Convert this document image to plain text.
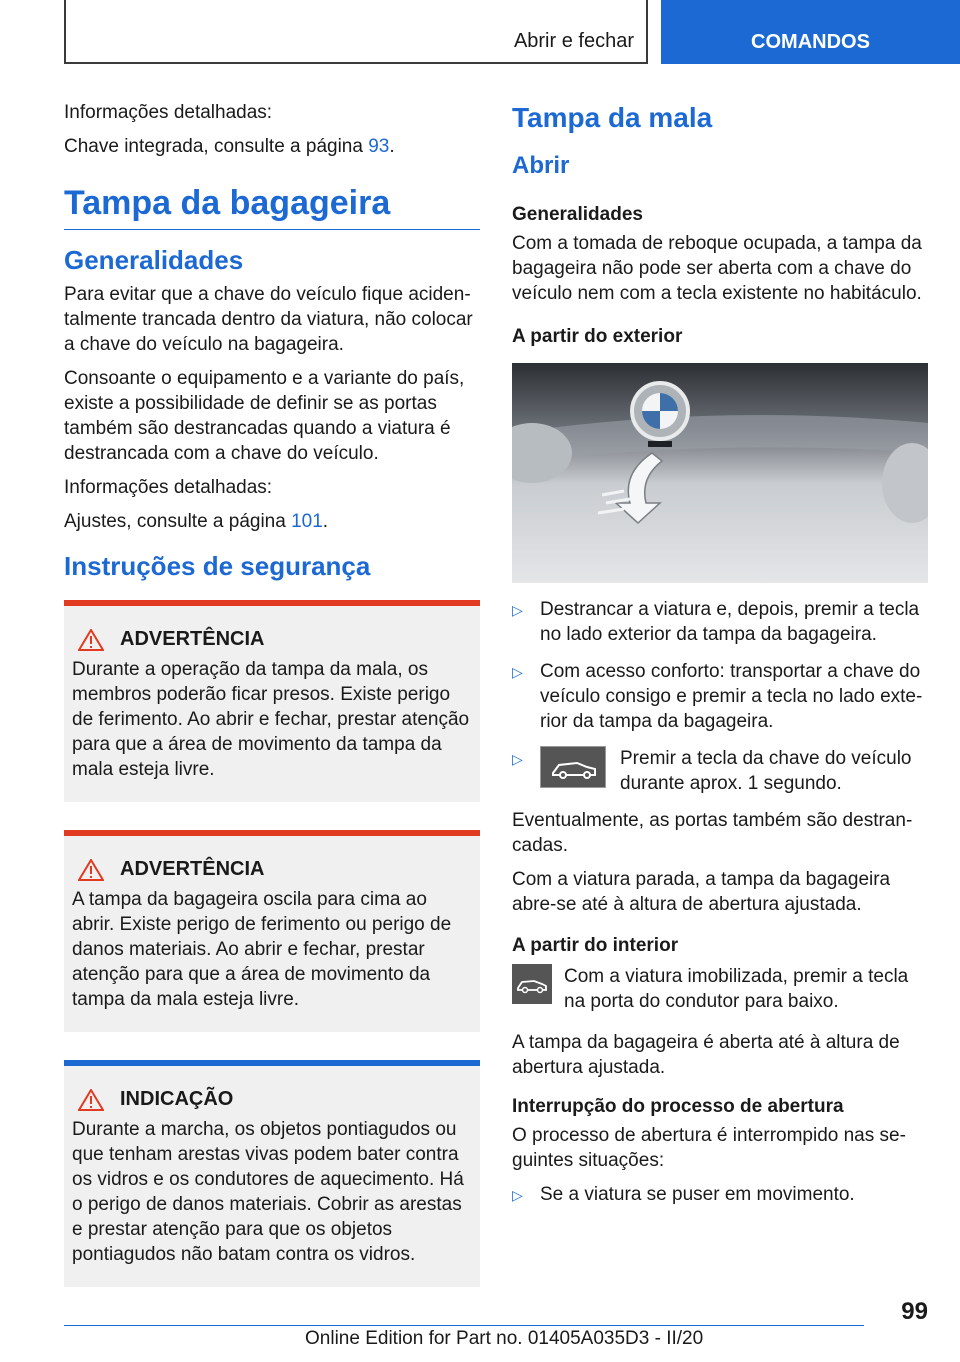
Abrir e fechar	COMANDOS

Informações detalhadas:

Chave integrada, consulte a página 93.

Tampa da bagageira
Generalidades

Para evitar que a chave do veículo fique acidentalmente trancada dentro da viatura, não colocar a chave do veículo na bagageira.

Consoante o equipamento e a variante do país, existe a possibilidade de definir se as portas também são destrancadas quando a viatura é destrancada com a chave do veículo.

Informações detalhadas:

Ajustes, consulte a página 101.

Instruções de segurança
ADVERTÊNCIA

Durante a operação da tampa da mala, os membros poderão ficar presos. Existe perigo de ferimento. Ao abrir e fechar, prestar atenção para que a área de movimento da tampa da mala esteja livre.

ADVERTÊNCIA

A tampa da bagageira oscila para cima ao abrir. Existe perigo de ferimento ou perigo de danos materiais. Ao abrir e fechar, prestar atenção para que a área de movimento da tampa da mala esteja livre.

INDICAÇÃO

Durante a marcha, os objetos pontiagudos ou que tenham arestas vivas podem bater contra os vidros e os condutores de aquecimento. Há o perigo de danos materiais. Cobrir as arestas e prestar atenção para que os objetos pontiagudos não batam contra os vidros.

Tampa da mala
Abrir
Generalidades

Com a tomada de reboque ocupada, a tampa da bagageira não pode ser aberta com a chave do veículo nem com a tecla existente no habitáculo.

A partir do exterior
▷ Destrancar a viatura e, depois, premir a tecla no lado exterior da tampa da bagageira.
▷ Com acesso conforto: transportar a chave do veículo consigo e premir a tecla no lado exterior da tampa da bagageira.
▷	Premir a tecla da chave do veículo durante aprox. 1 segundo.

Eventualmente, as portas também são destrancadas.

Com a viatura parada, a tampa da bagageira abre-se até à altura de abertura ajustada.

A partir do interior

Com a viatura imobilizada, premir a tecla na porta do condutor para baixo.

A tampa da bagageira é aberta até à altura de abertura ajustada.

Interrupção do processo de abertura

O processo de abertura é interrompido nas seguintes situações:

▷ Se a viatura se puser em movimento.
99
Online Edition for Part no. 01405A035D3 - II/20
